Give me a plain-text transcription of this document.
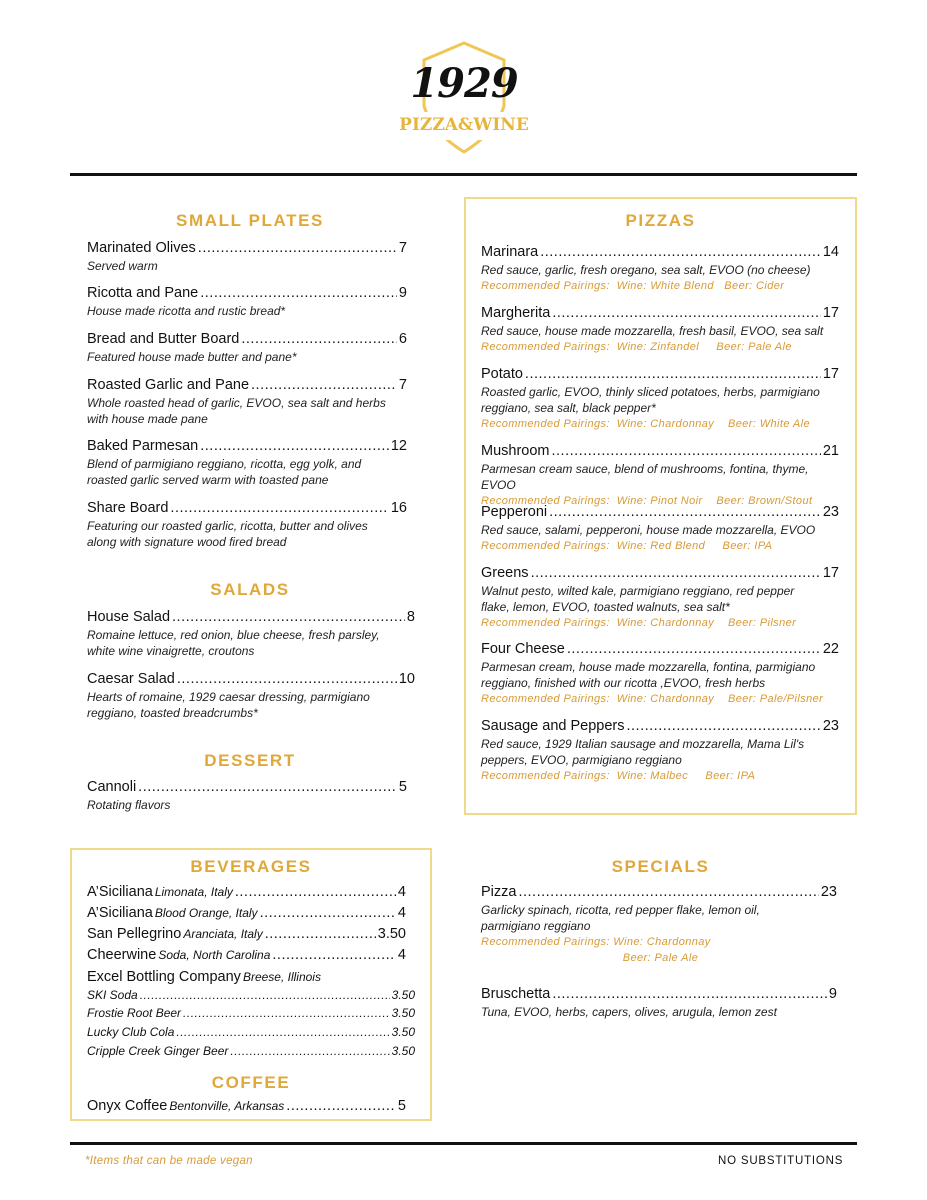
1929
PIZZA&WINE
SMALL PLATES
Marinated Olives .....	7
Served warm
Ricotta and Pane .....	9
House made ricotta and rustic bread*
Bread and Butter Board .....	6
Featured house made butter and pane*
Roasted Garlic and Pane .....	7
Whole roasted head of garlic, EVOO, sea salt and herbs
with house made pane
Baked Parmesan .....	12
Blend of parmigiano reggiano, ricotta, egg yolk, and
roasted garlic served warm with toasted pane
Share Board .....	16
Featuring our roasted garlic, ricotta, butter and olives
along with signature wood fired bread
SALADS
House Salad .....	8
Romaine lettuce, red onion, blue cheese, fresh parsley,
white wine vinaigrette, croutons
Caesar Salad .....	10
Hearts of romaine, 1929 caesar dressing, parmigiano
reggiano, toasted breadcrumbs*
DESSERT
Cannoli .....	5
Rotating flavors
PIZZAS
Marinara .....	14
Red sauce, garlic, fresh oregano, sea salt, EVOO (no cheese)
Recommended Pairings:  Wine: White Blend   Beer: Cider
Margherita .....	17
Red sauce, house made mozzarella, fresh basil, EVOO, sea salt
Recommended Pairings:  Wine: Zinfandel     Beer: Pale Ale
Potato .....	17
Roasted garlic, EVOO, thinly sliced potatoes, herbs, parmigiano
reggiano, sea salt, black pepper*
Recommended Pairings:  Wine: Chardonnay    Beer: White Ale
Mushroom .....	21
Parmesan cream sauce, blend of mushrooms, fontina, thyme, EVOO
Recommended Pairings:  Wine: Pinot Noir    Beer: Brown/Stout
Pepperoni .....	23
Red sauce, salami, pepperoni, house made mozzarella, EVOO
Recommended Pairings:  Wine: Red Blend     Beer: IPA
Greens .....	17
Walnut pesto, wilted kale, parmigiano reggiano, red pepper
flake, lemon, EVOO, toasted walnuts, sea salt*
Recommended Pairings:  Wine: Chardonnay    Beer: Pilsner
Four Cheese .....	22
Parmesan cream, house made mozzarella, fontina, parmigiano
reggiano, finished with our ricotta ,EVOO, fresh herbs
Recommended Pairings:  Wine: Chardonnay    Beer: Pale/Pilsner
Sausage and Peppers .....	23
Red sauce, 1929 Italian sausage and mozzarella, Mama Lil's
peppers, EVOO, parmigiano reggiano
Recommended Pairings:  Wine: Malbec     Beer: IPA
BEVERAGES
A’Siciliana Limonata, Italy .....	4
A’Siciliana Blood Orange, Italy .....	4
San Pellegrino Aranciata, Italy .....	3.50
Cheerwine Soda, North Carolina .....	4
Excel Bottling Company Breese, Illinois
SKI Soda .....	3.50
Frostie Root Beer .....	3.50
Lucky Club Cola .....	3.50
Cripple Creek Ginger Beer .....	3.50
COFFEE
Onyx Coffee Bentonville, Arkansas .....	5
SPECIALS
Pizza .....	23
Garlicky spinach, ricotta, red pepper flake, lemon oil,
parmigiano reggiano
Recommended Pairings: Wine: Chardonnay
Beer: Pale Ale
Bruschetta .....	9
Tuna, EVOO, herbs, capers, olives, arugula, lemon zest
*Items that can be made vegan	NO SUBSTITUTIONS
